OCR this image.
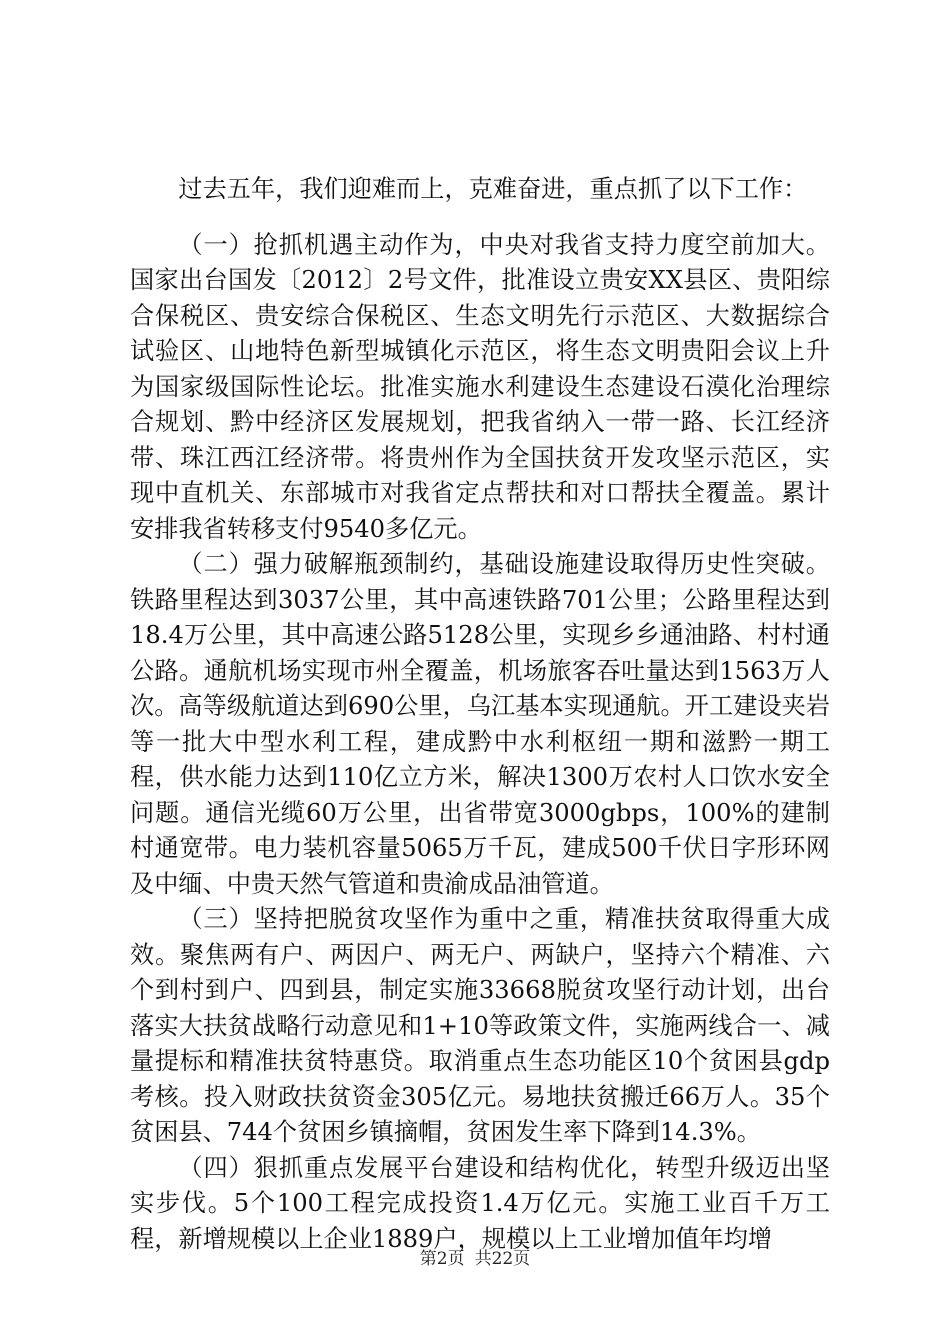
过去五年，我们迎难而上，克难奋进，重点抓了以下工作：

（一）抢抓机遇主动作为，中央对我省支持力度空前加大。国家出台国发〔2012〕2号文件，批准设立贵安XX县区、贵阳综合保税区、贵安综合保税区、生态文明先行示范区、大数据综合试验区、山地特色新型城镇化示范区，将生态文明贵阳会议上升为国家级国际性论坛。批准实施水利建设生态建设石漠化治理综合规划、黔中经济区发展规划，把我省纳入一带一路、长江经济带、珠江西江经济带。将贵州作为全国扶贫开发攻坚示范区，实现中直机关、东部城市对我省定点帮扶和对口帮扶全覆盖。累计安排我省转移支付9540多亿元。

（二）强力破解瓶颈制约，基础设施建设取得历史性突破。铁路里程达到3037公里，其中高速铁路701公里；公路里程达到18.4万公里，其中高速公路5128公里，实现乡乡通油路、村村通公路。通航机场实现市州全覆盖，机场旅客吞吐量达到1563万人次。高等级航道达到690公里，乌江基本实现通航。开工建设夹岩等一批大中型水利工程，建成黔中水利枢纽一期和滋黔一期工程，供水能力达到110亿立方米，解决1300万农村人口饮水安全问题。通信光缆60万公里，出省带宽3000gbps，100%的建制村通宽带。电力装机容量5065万千瓦，建成500千伏日字形环网及中缅、中贵天然气管道和贵渝成品油管道。

（三）坚持把脱贫攻坚作为重中之重，精准扶贫取得重大成效。聚焦两有户、两因户、两无户、两缺户，坚持六个精准、六个到村到户、四到县，制定实施33668脱贫攻坚行动计划，出台落实大扶贫战略行动意见和1+10等政策文件，实施两线合一、减量提标和精准扶贫特惠贷。取消重点生态功能区10个贫困县gdp考核。投入财政扶贫资金305亿元。易地扶贫搬迁66万人。35个贫困县、744个贫困乡镇摘帽，贫困发生率下降到14.3%。

（四）狠抓重点发展平台建设和结构优化，转型升级迈出坚实步伐。5个100工程完成投资1.4万亿元。实施工业百千万工程，新增规模以上企业1889户，规模以上工业增加值年均增

第2页 共22页
